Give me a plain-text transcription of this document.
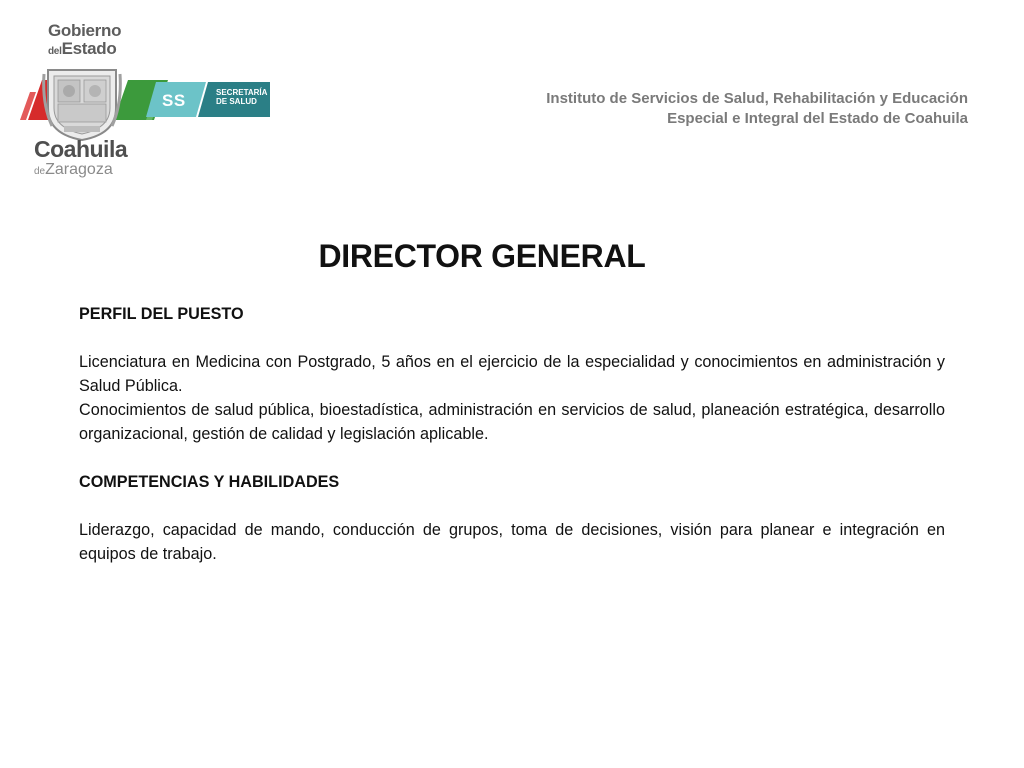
Gobierno
delEstado
SS	SECRETARÍA
DE SALUD
Coahuila
deZaragoza
Instituto de Servicios de Salud, Rehabilitación y Educación
Especial e Integral del Estado de Coahuila
DIRECTOR GENERAL
PERFIL DEL PUESTO

Licenciatura en Medicina con Postgrado, 5 años en el ejercicio de la especialidad y conocimientos en administración y Salud Pública.

Conocimientos de salud pública, bioestadística, administración en servicios de salud, planeación estratégica, desarrollo organizacional, gestión de calidad y legislación aplicable.

COMPETENCIAS Y HABILIDADES

Liderazgo, capacidad de mando, conducción de grupos, toma de decisiones, visión para planear e integración en equipos de trabajo.
